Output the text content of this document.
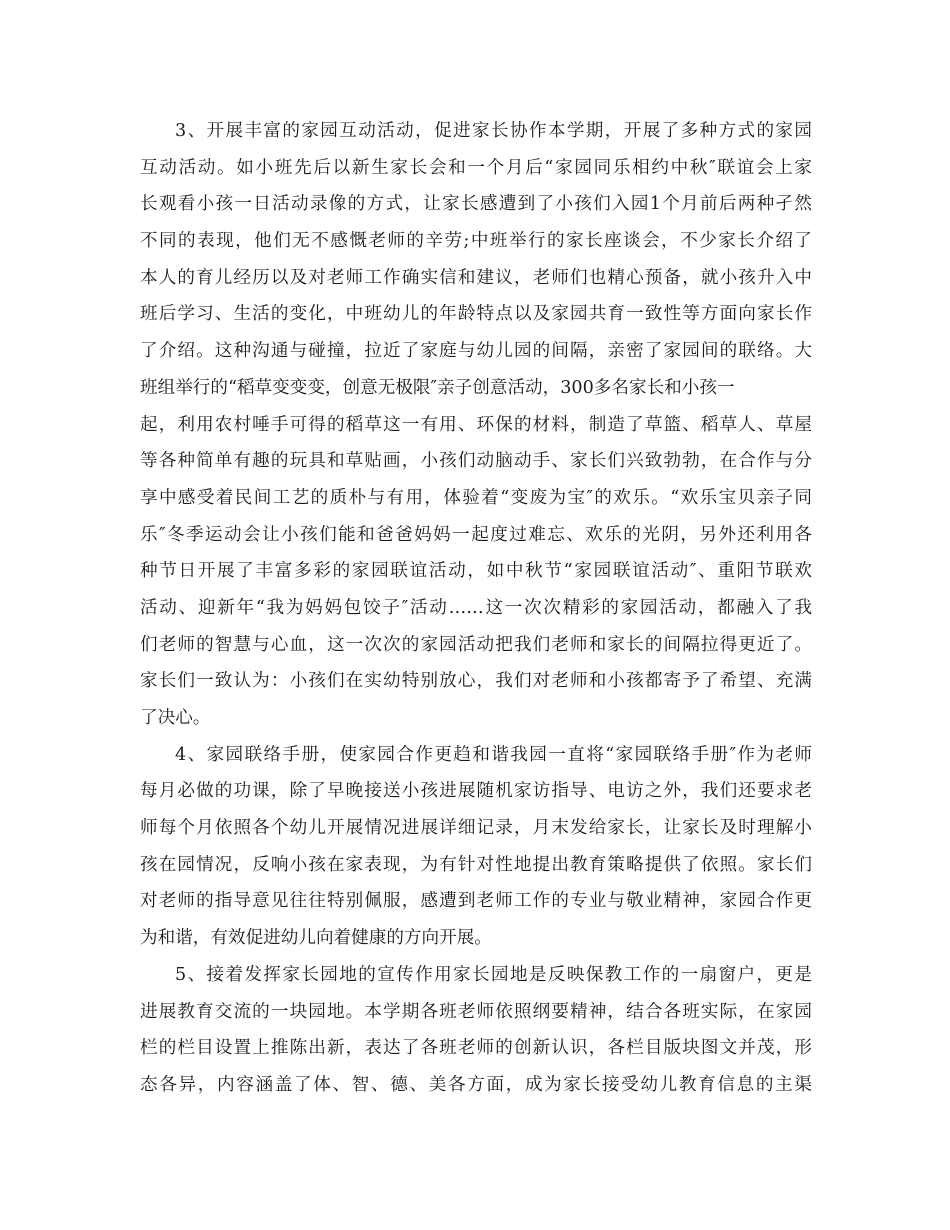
3、开展丰富的家园互动活动，促进家长协作本学期，开展了多种方式的家园
互动活动。如小班先后以新生家长会和一个月后“家园同乐相约中秋″联谊会上家
长观看小孩一日活动录像的方式，让家长感遭到了小孩们入园1个月前后两种孑然
不同的表现，他们无不感慨老师的辛劳;中班举行的家长座谈会，不少家长介绍了
本人的育儿经历以及对老师工作确实信和建议，老师们也精心预备，就小孩升入中
班后学习、生活的变化，中班幼儿的年龄特点以及家园共育一致性等方面向家长作
了介绍。这种沟通与碰撞，拉近了家庭与幼儿园的间隔，亲密了家园间的联络。大
班组举行的“稻草变变变，创意无极限″亲子创意活动，300多名家长和小孩一
起，利用农村唾手可得的稻草这一有用、环保的材料，制造了草篮、稻草人、草屋
等各种简单有趣的玩具和草贴画，小孩们动脑动手、家长们兴致勃勃，在合作与分
享中感受着民间工艺的质朴与有用，体验着“变废为宝″的欢乐。“欢乐宝贝亲子同
乐″冬季运动会让小孩们能和爸爸妈妈一起度过难忘、欢乐的光阴，另外还利用各
种节日开展了丰富多彩的家园联谊活动，如中秋节“家园联谊活动″、重阳节联欢
活动、迎新年“我为妈妈包饺子″活动……这一次次精彩的家园活动，都融入了我
们老师的智慧与心血，这一次次的家园活动把我们老师和家长的间隔拉得更近了。
家长们一致认为：小孩们在实幼特别放心，我们对老师和小孩都寄予了希望、充满
了决心。
4、家园联络手册，使家园合作更趋和谐我园一直将“家园联络手册″作为老师
每月必做的功课，除了早晚接送小孩进展随机家访指导、电访之外，我们还要求老
师每个月依照各个幼儿开展情况进展详细记录，月末发给家长，让家长及时理解小
孩在园情况，反响小孩在家表现，为有针对性地提出教育策略提供了依照。家长们
对老师的指导意见往往特别佩服，感遭到老师工作的专业与敬业精神，家园合作更
为和谐，有效促进幼儿向着健康的方向开展。
5、接着发挥家长园地的宣传作用家长园地是反映保教工作的一扇窗户，更是
进展教育交流的一块园地。本学期各班老师依照纲要精神，结合各班实际，在家园
栏的栏目设置上推陈出新，表达了各班老师的创新认识，各栏目版块图文并茂，形
态各异，内容涵盖了体、智、德、美各方面，成为家长接受幼儿教育信息的主渠
